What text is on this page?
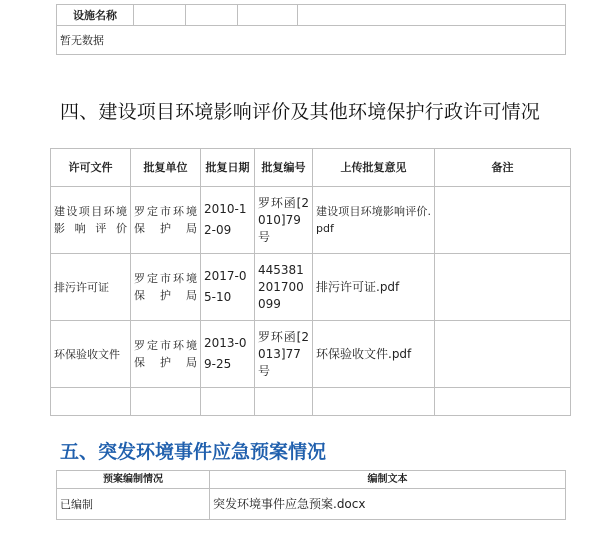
设施名称				
暂无数据
四、建设项目环境影响评价及其他环境保护行政许可情况
许可文件	批复单位	批复日期	批复编号	上传批复意见	备注
建设项目环境影响评价	罗定市环境保护局	2010-12-09	罗环函[2010]79号	建设项目环境影响评价.pdf	
排污许可证	罗定市环境保护局	2017-05-10	445381201700099	排污许可证.pdf	
环保验收文件	罗定市环境保护局	2013-09-25	罗环函[2013]77号	环保验收文件.pdf	

五、突发环境事件应急预案情况
预案编制情况	编制文本
已编制	突发环境事件应急预案.docx
